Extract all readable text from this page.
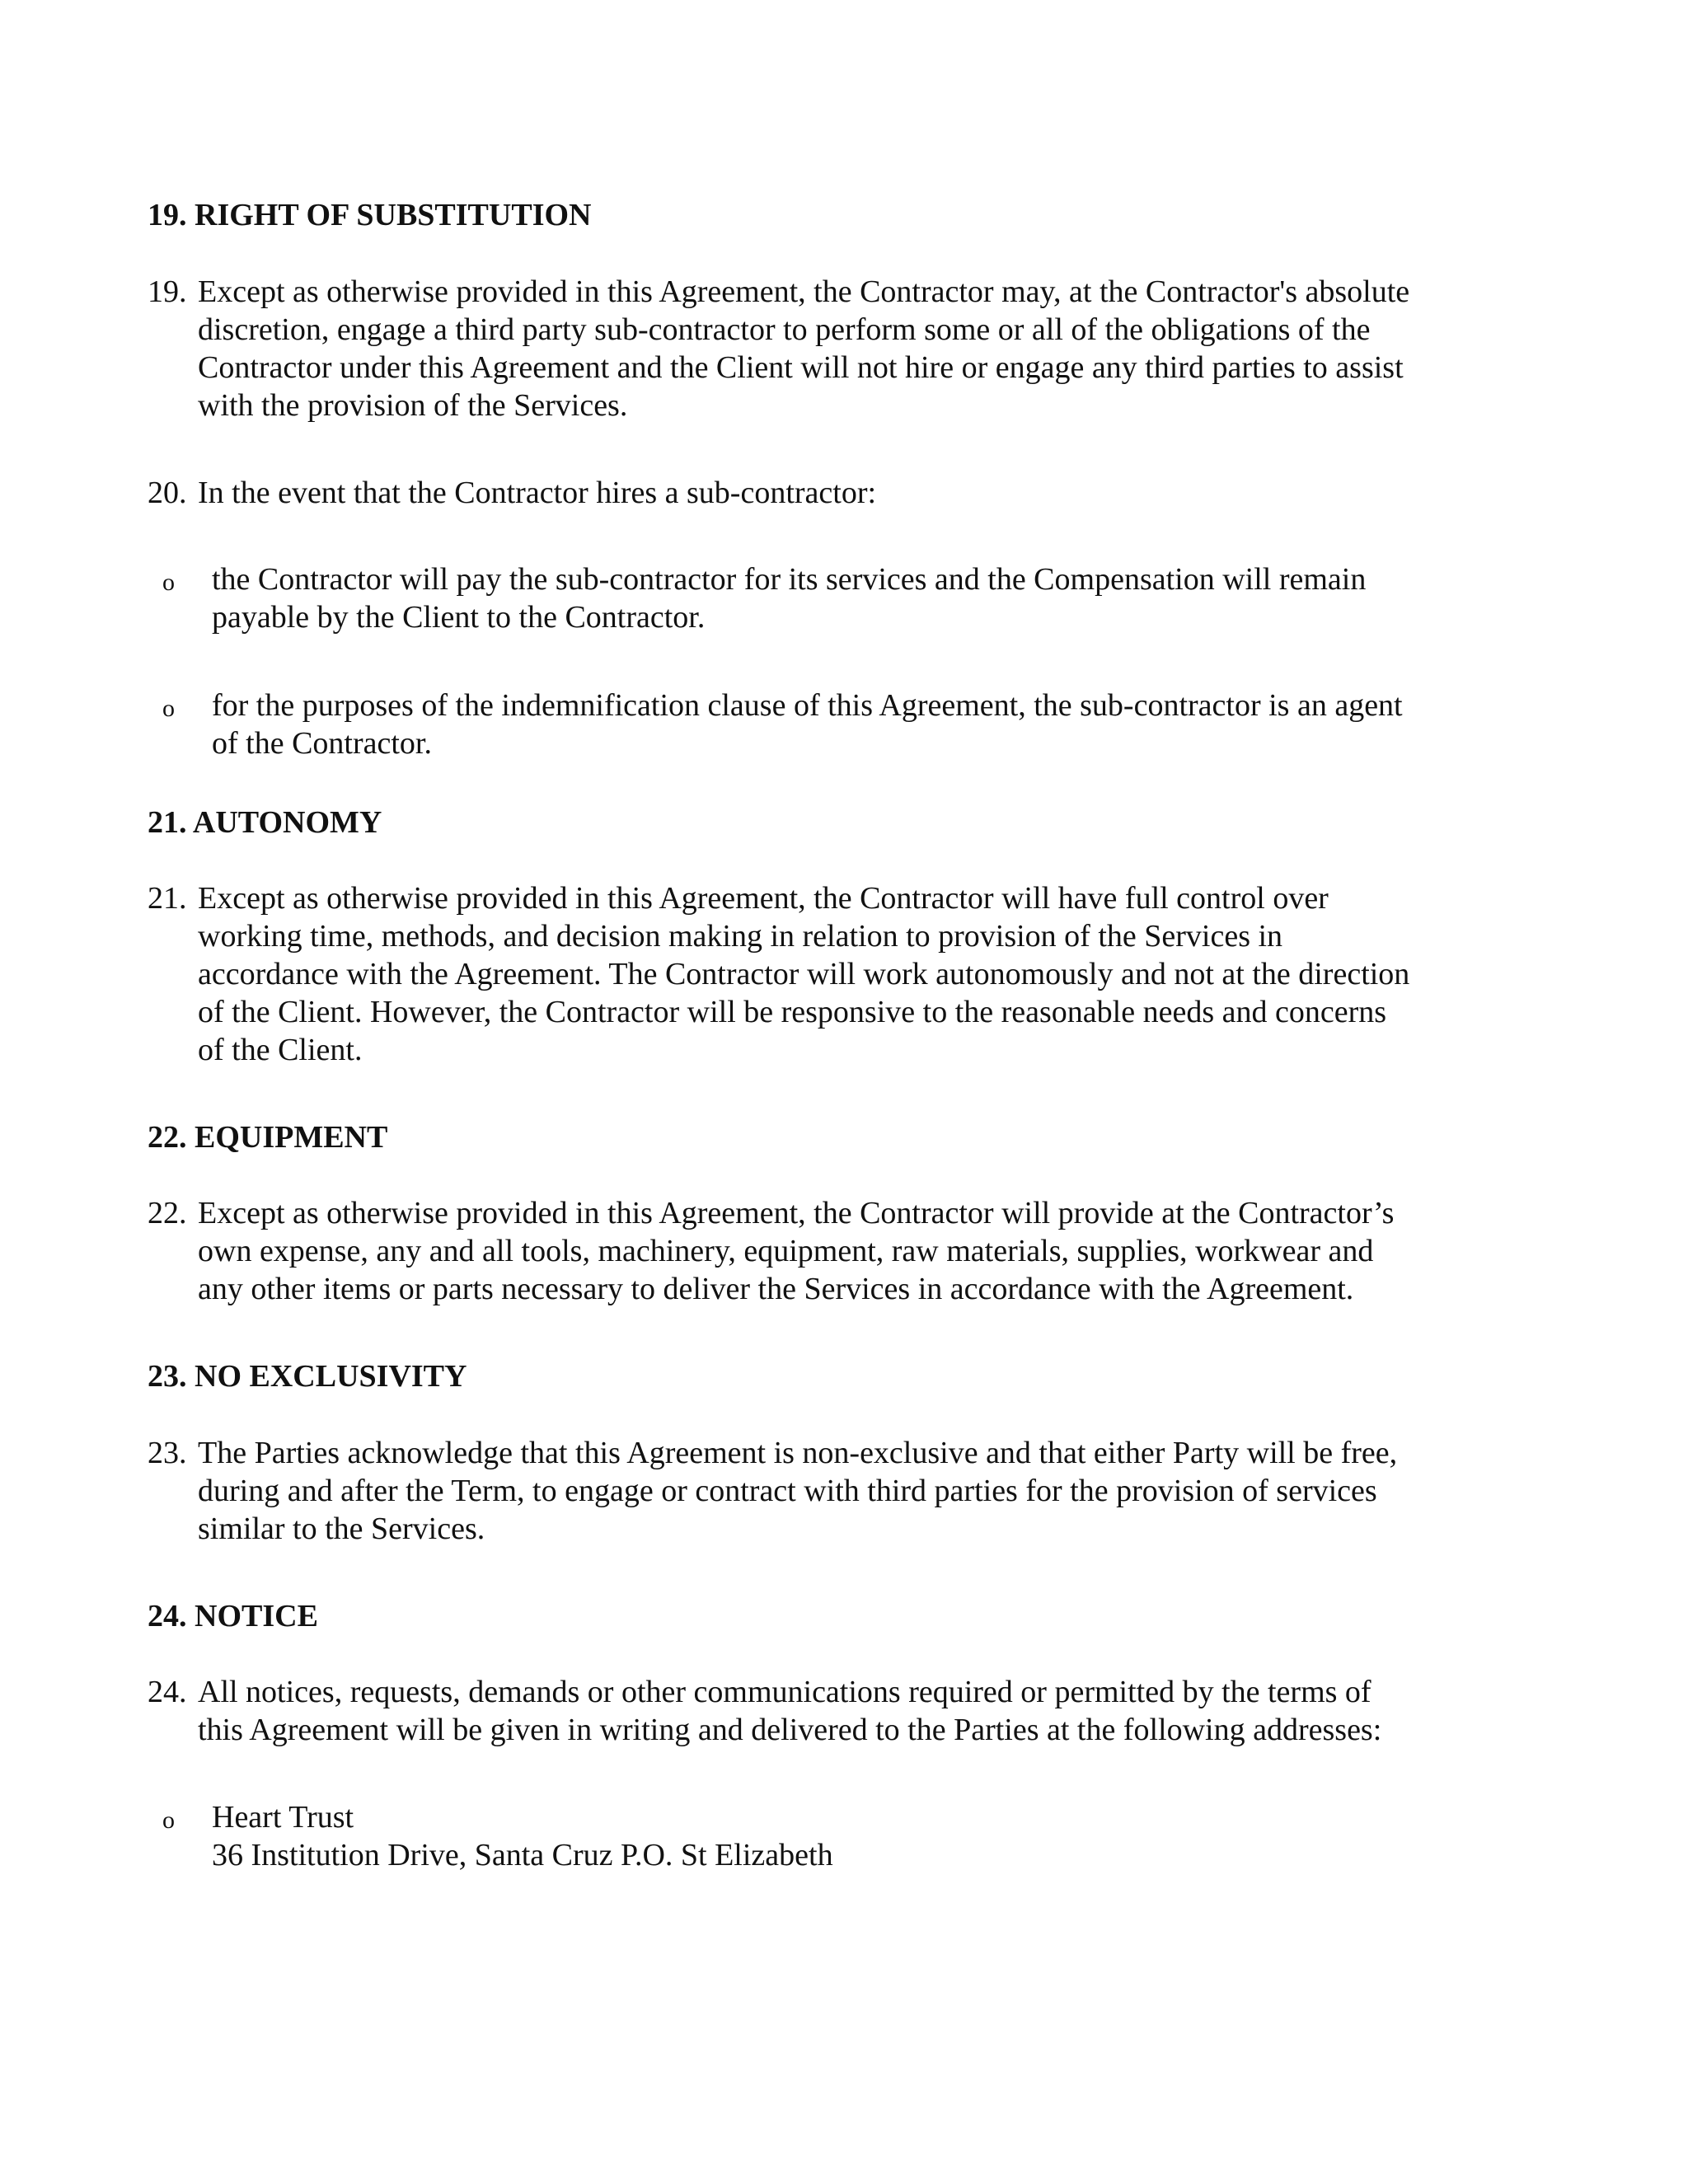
19. RIGHT OF SUBSTITUTION
19. Except as otherwise provided in this Agreement, the Contractor may, at the Contractor's absolute
discretion, engage a third party sub-contractor to perform some or all of the obligations of the
Contractor under this Agreement and the Client will not hire or engage any third parties to assist
with the provision of the Services.
20. In the event that the Contractor hires a sub-contractor:
o the Contractor will pay the sub-contractor for its services and the Compensation will remain
payable by the Client to the Contractor.
o for the purposes of the indemnification clause of this Agreement, the sub-contractor is an agent
of the Contractor.
21. AUTONOMY
21. Except as otherwise provided in this Agreement, the Contractor will have full control over
working time, methods, and decision making in relation to provision of the Services in
accordance with the Agreement. The Contractor will work autonomously and not at the direction
of the Client. However, the Contractor will be responsive to the reasonable needs and concerns
of the Client.
22. EQUIPMENT
22. Except as otherwise provided in this Agreement, the Contractor will provide at the Contractor’s
own expense, any and all tools, machinery, equipment, raw materials, supplies, workwear and
any other items or parts necessary to deliver the Services in accordance with the Agreement.
23. NO EXCLUSIVITY
23. The Parties acknowledge that this Agreement is non-exclusive and that either Party will be free,
during and after the Term, to engage or contract with third parties for the provision of services
similar to the Services.
24. NOTICE
24. All notices, requests, demands or other communications required or permitted by the terms of
this Agreement will be given in writing and delivered to the Parties at the following addresses:
o Heart Trust
36 Institution Drive, Santa Cruz P.O. St Elizabeth
